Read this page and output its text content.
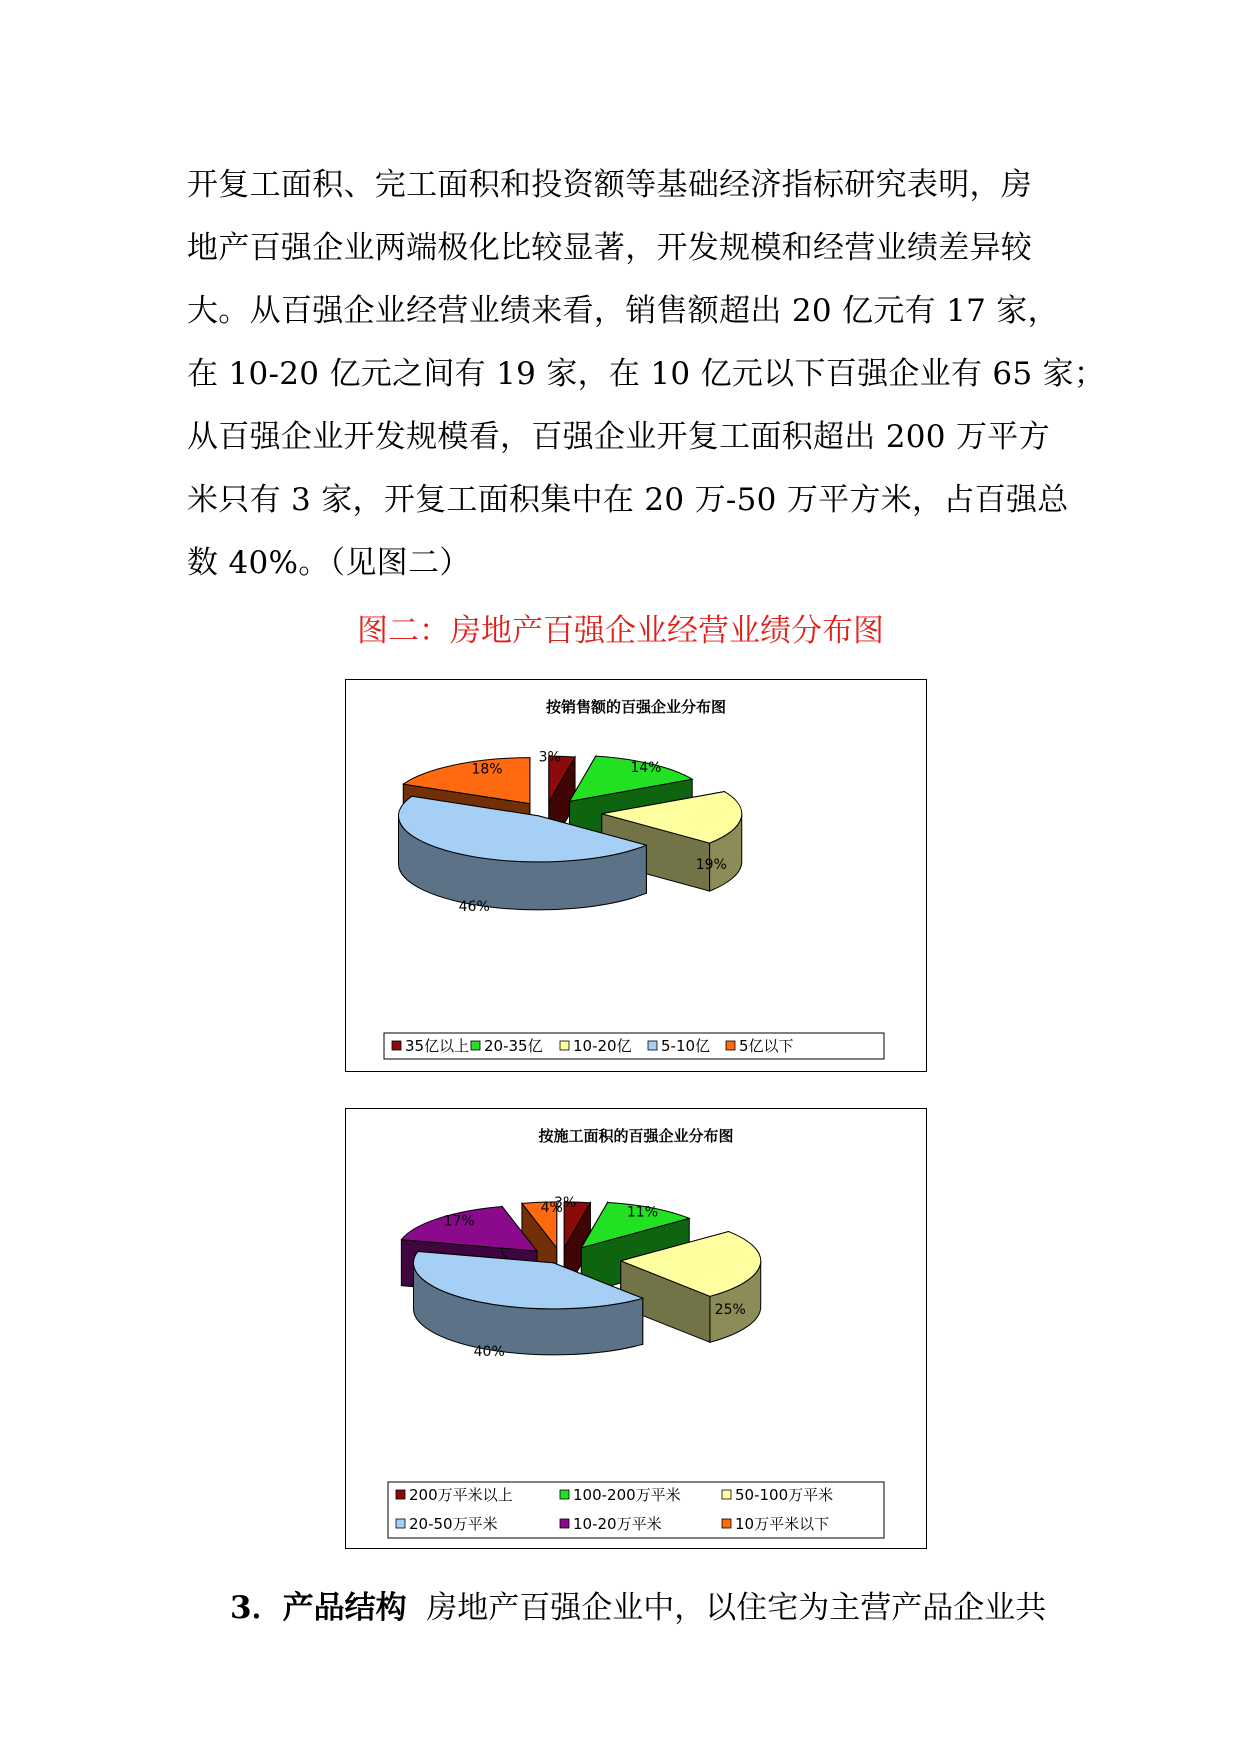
开复工面积、完工面积和投资额等基础经济指标研究表明，房
地产百强企业两端极化比较显著，开发规模和经营业绩差异较
大。从百强企业经营业绩来看，销售额超出 20 亿元有 17 家，
在 10-20 亿元之间有 19 家，在 10 亿元以下百强企业有 65 家；
从百强企业开发规模看，百强企业开复工面积超出 200 万平方
米只有 3 家，开复工面积集中在 20 万-50 万平方米，占百强总
数 40%。（见图二）
图二：房地产百强企业经营业绩分布图
按销售额的百强企业分布图
3%
14%
19%
46%
18%
35亿以上 20-35亿 10-20亿 5-10亿 5亿以下
按施工面积的百强企业分布图
3%
11%
25%
40%
17%
4%
200万平米以上	100-200万平米	50-100万平米
20-50万平米	10-20万平米	10万平米以下
3．产品结构 房地产百强企业中，以住宅为主营产品企业共
